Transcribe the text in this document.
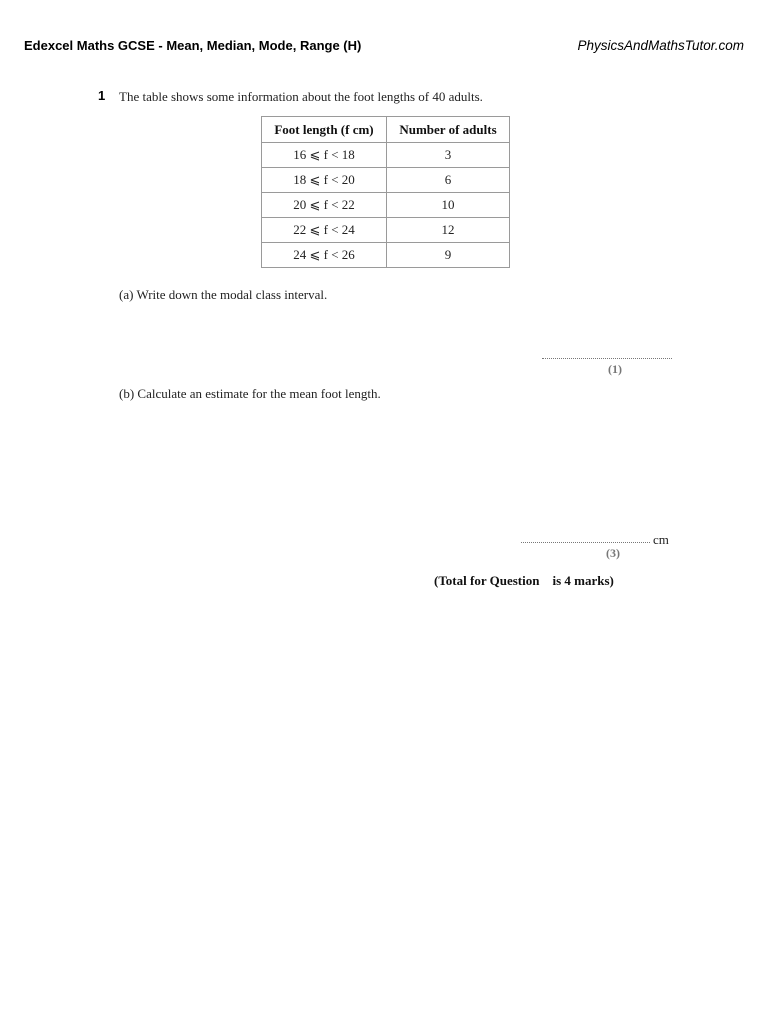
Edexcel Maths GCSE - Mean, Median, Mode, Range (H)	PhysicsAndMathsTutor.com
1 The table shows some information about the foot lengths of 40 adults.
Foot length (f cm)	Number of adults
16 ⩽ f < 18	3
18 ⩽ f < 20	6
20 ⩽ f < 22	10
22 ⩽ f < 24	12
24 ⩽ f < 26	9
(a) Write down the modal class interval.
(1)
(b) Calculate an estimate for the mean foot length.
cm
(3)
(Total for Question    is 4 marks)
